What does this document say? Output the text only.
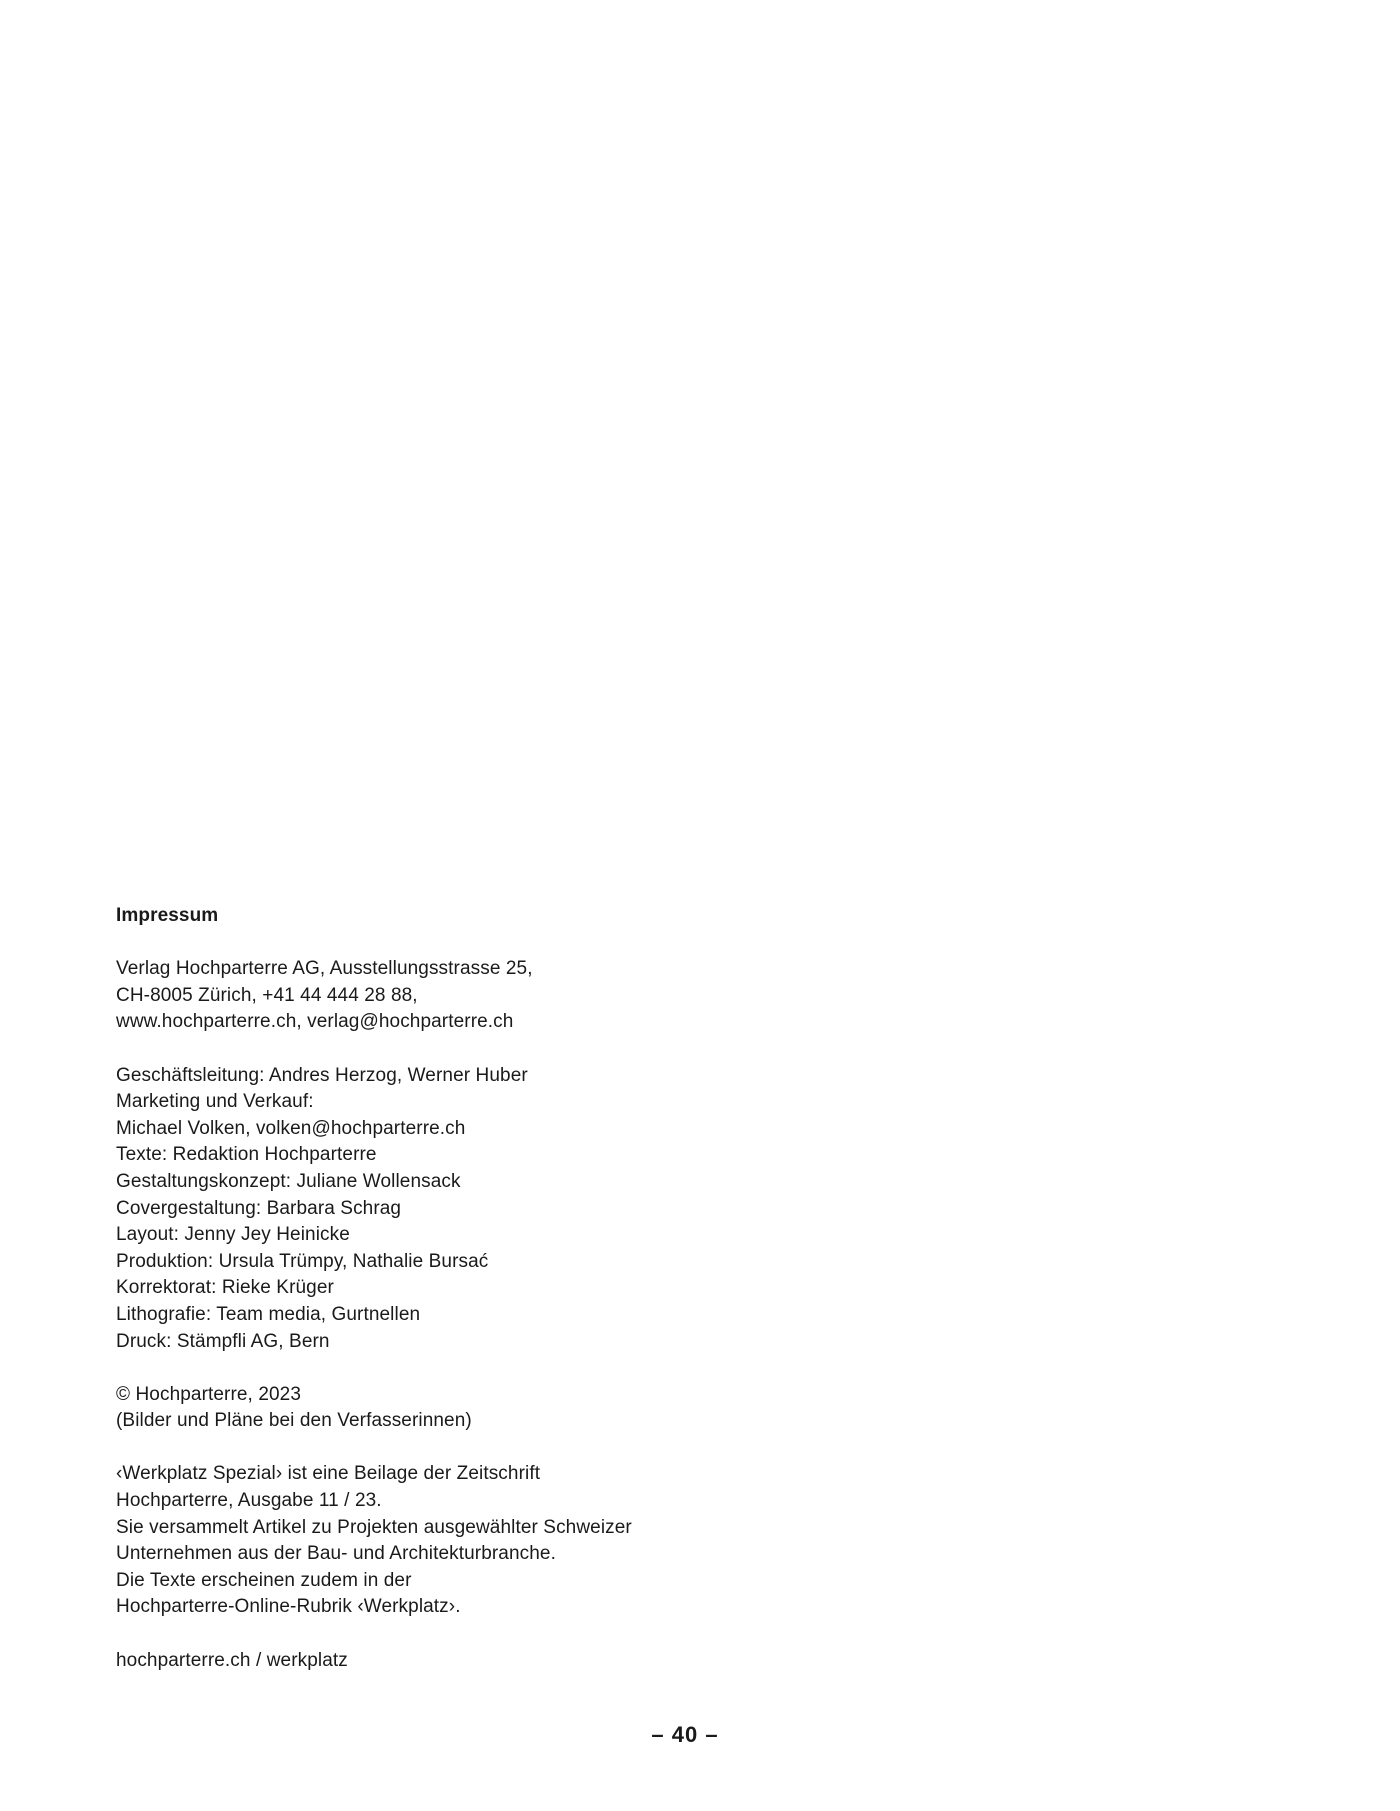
Impressum
Verlag Hochparterre AG, Ausstellungsstrasse 25,
CH-8005 Zürich, +41 44 444 28 88,
www.hochparterre.ch, verlag@hochparterre.ch
Geschäftsleitung: Andres Herzog, Werner Huber
Marketing und Verkauf:
Michael Volken, volken@hochparterre.ch
Texte: Redaktion Hochparterre
Gestaltungskonzept: Juliane Wollensack
Covergestaltung: Barbara Schrag
Layout: Jenny Jey Heinicke
Produktion: Ursula Trümpy, Nathalie Bursać
Korrektorat: Rieke Krüger
Lithografie: Team media, Gurtnellen
Druck: Stämpfli AG, Bern
© Hochparterre, 2023
(Bilder und Pläne bei den Verfasserinnen)
‹Werkplatz Spezial› ist eine Beilage der Zeitschrift
Hochparterre, Ausgabe 11 / 23.
Sie versammelt Artikel zu Projekten ausgewählter Schweizer
Unternehmen aus der Bau- und Architekturbranche.
Die Texte erscheinen zudem in der
Hochparterre-Online-Rubrik ‹Werkplatz›.
hochparterre.ch / werkplatz
– 40 –
